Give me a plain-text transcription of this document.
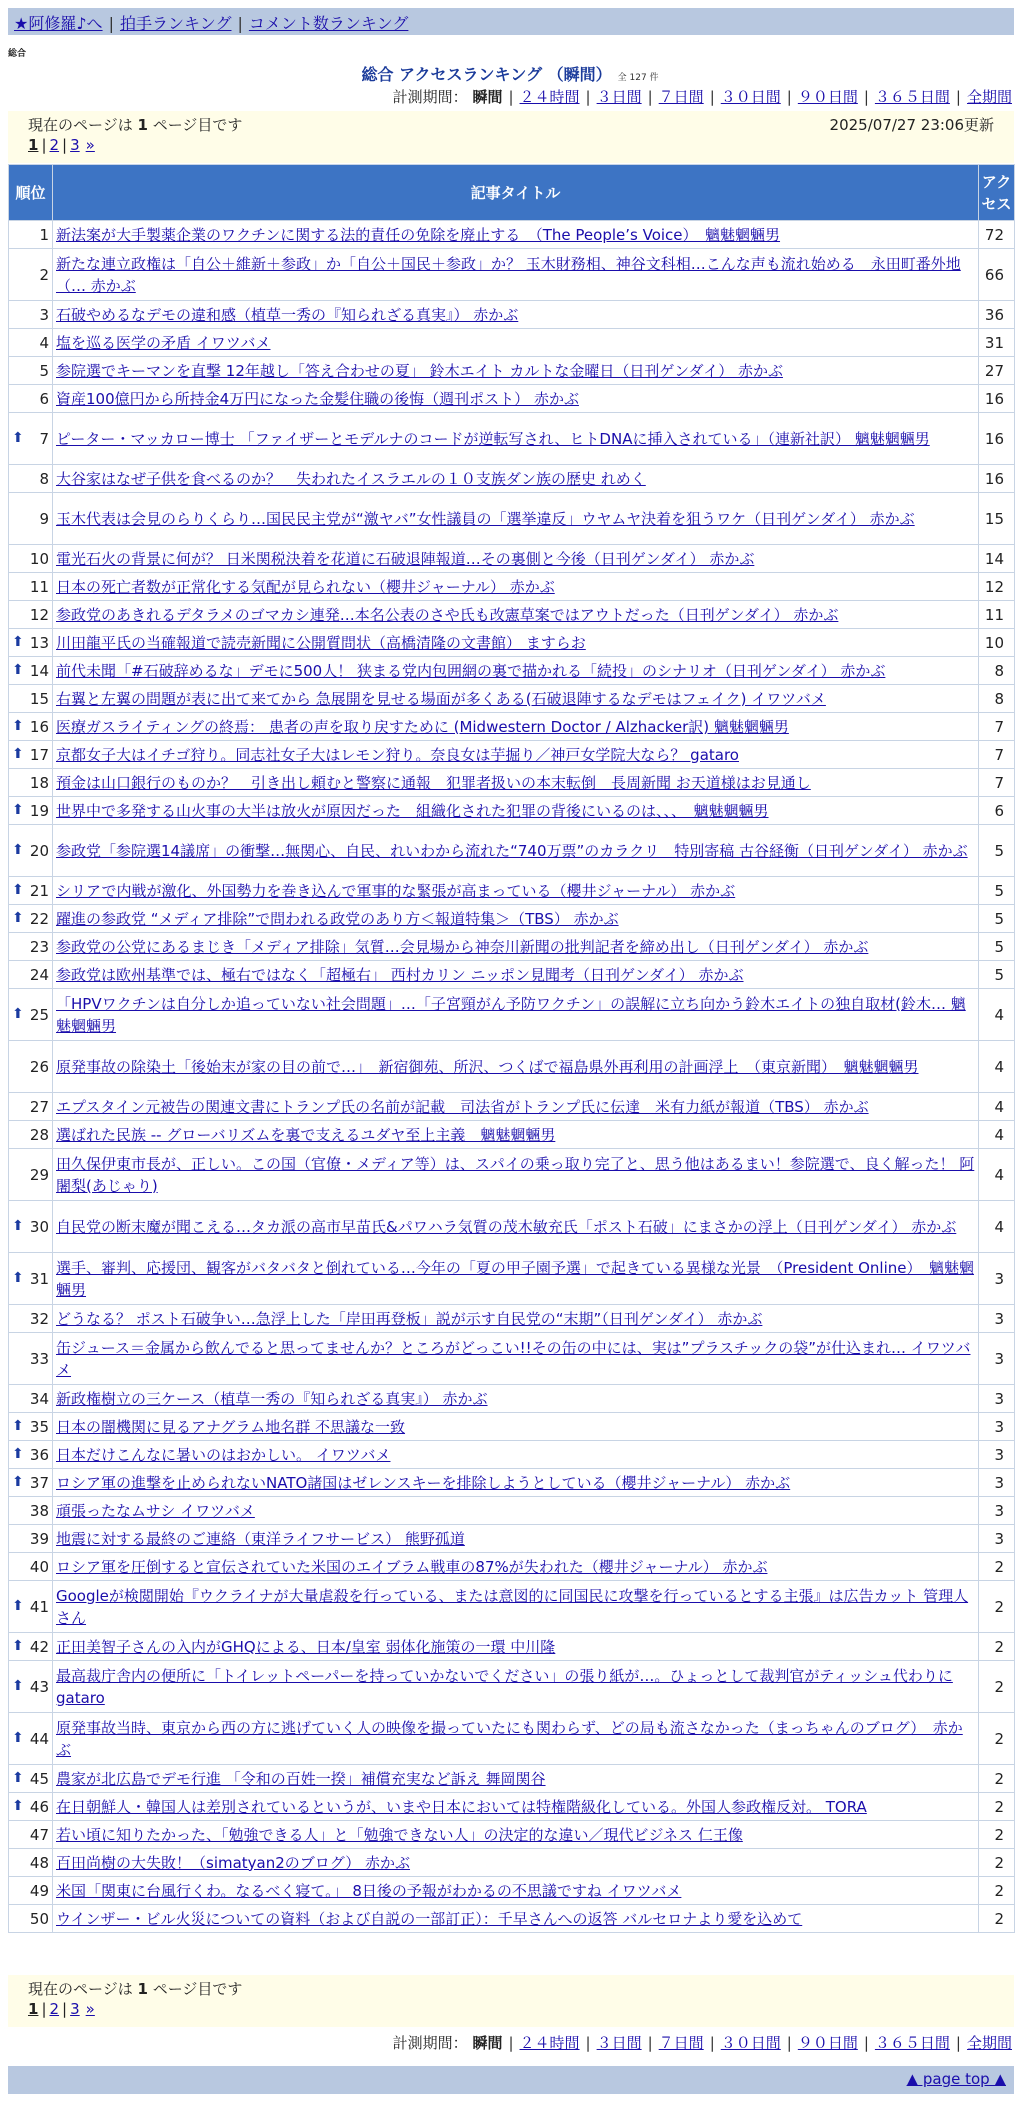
★阿修羅♪へ | 拍手ランキング | コメント数ランキング
総合
総合 アクセスランキング （瞬間） 全 127 件
計測期間： 瞬間 | ２４時間 | ３日間 | ７日間 | ３０日間 | ９０日間 | ３６５日間 | 全期間
現在のページは 1 ページ目です	2025/07/27 23:06更新
1 | 2 | 3 »
順位	記事タイトル	アクセス
1	新法案が大手製薬企業のワクチンに関する法的責任の免除を廃止する　（The People’s Voice）　魑魅魍魎男	72
2	新たな連立政権は「自公＋維新＋参政」か「自公＋国民＋参政」か？ 玉木財務相、神谷文科相…こんな声も流れ始める　永田町番外地（… 赤かぶ	66
3	石破やめるなデモの違和感（植草一秀の『知られざる真実』） 赤かぶ	36
4	塩を巡る医学の矛盾 イワツバメ	31
5	参院選でキーマンを直撃 12年越し「答え合わせの夏」 鈴木エイト カルトな金曜日（日刊ゲンダイ） 赤かぶ	27
6	資産100億円から所持金4万円になった金髪住職の後悔（週刊ポスト） 赤かぶ	16

⬆ 7	ピーター・マッカロー博士 「ファイザーとモデルナのコードが逆転写され、ヒトDNAに挿入されている」（連新社訳） 魑魅魍魎男	16
8	大谷家はなぜ子供を食べるのか？　失われたイスラエルの１０支族ダン族の歴史 れめく	16
9	玉木代表は会見のらりくらり…国民民主党が“激ヤバ”女性議員の「選挙違反」ウヤムヤ決着を狙うワケ（日刊ゲンダイ） 赤かぶ	15
10	電光石火の背景に何が？ 日米関税決着を花道に石破退陣報道…その裏側と今後（日刊ゲンダイ） 赤かぶ	14
11	日本の死亡者数が正常化する気配が見られない（櫻井ジャーナル） 赤かぶ	12
12	参政党のあきれるデタラメのゴマカシ連発…本名公表のさや氏も改憲草案ではアウトだった（日刊ゲンダイ） 赤かぶ	11

⬆ 13	川田龍平氏の当確報道で読売新聞に公開質問状（高橋清隆の文書館） ますらお	10

⬆ 14	前代未聞「#石破辞めるな」デモに500人！ 狭まる党内包囲網の裏で描かれる「続投」のシナリオ（日刊ゲンダイ） 赤かぶ	8
15	右翼と左翼の問題が表に出て来てから 急展開を見せる場面が多くある(石破退陣するなデモはフェイク) イワツバメ	8

⬆ 16	医療ガスライティングの終焉： 患者の声を取り戻すために (Midwestern Doctor / Alzhacker訳) 魑魅魍魎男	7

⬆ 17	京都女子大はイチゴ狩り。同志社女子大はレモン狩り。奈良女は芋掘り／神戸女学院大なら？ gataro	7
18	預金は山口銀行のものか？　引き出し頼むと警察に通報　犯罪者扱いの本末転倒　長周新聞 お天道様はお見通し	7

⬆ 19	世界中で多発する山火事の大半は放火が原因だった　組織化された犯罪の背後にいるのは、、、　魑魅魍魎男	6

⬆ 20	参政党「参院選14議席」の衝撃…無関心、自民、れいわから流れた“740万票”のカラクリ　特別寄稿 古谷経衡（日刊ゲンダイ） 赤かぶ	5

⬆ 21	シリアで内戦が激化、外国勢力を巻き込んで軍事的な緊張が高まっている（櫻井ジャーナル） 赤かぶ	5

⬆ 22	躍進の参政党 “メディア排除”で問われる政党のあり方＜報道特集＞（TBS） 赤かぶ	5
23	参政党の公党にあるまじき「メディア排除」気質…会見場から神奈川新聞の批判記者を締め出し（日刊ゲンダイ） 赤かぶ	5
24	参政党は欧州基準では、極右ではなく「超極右」 西村カリン ニッポン見聞考（日刊ゲンダイ） 赤かぶ	5

⬆ 25	「HPVワクチンは自分しか追っていない社会問題」…「子宮頸がん予防ワクチン」の誤解に立ち向かう鈴木エイトの独自取材(鈴木… 魑魅魍魎男	4
26	原発事故の除染土「後始末が家の目の前で…」　新宿御苑、所沢、つくばで福島県外再利用の計画浮上　（東京新聞）　魑魅魍魎男	4
27	エプスタイン元被告の関連文書にトランプ氏の名前が記載　司法省がトランプ氏に伝達　米有力紙が報道（TBS） 赤かぶ	4
28	選ばれた民族 -- グローバリズムを裏で支えるユダヤ至上主義　魑魅魍魎男	4
29	田久保伊東市長が、正しい。この国（官僚・メディア等）は、スパイの乗っ取り完了と、思う他はあるまい！参院選で、良く解った！ 阿闍梨(あじゃり)	4

⬆ 30	自民党の断末魔が聞こえる…タカ派の高市早苗氏&パワハラ気質の茂木敏充氏「ポスト石破」にまさかの浮上（日刊ゲンダイ） 赤かぶ	4

⬆ 31	選手、審判、応援団、観客がバタバタと倒れている…今年の「夏の甲子園予選」で起きている異様な光景　（President Online）　魑魅魍魎男	3
32	どうなる？ ポスト石破争い…急浮上した「岸田再登板」説が示す自民党の“末期”（日刊ゲンダイ） 赤かぶ	3
33	缶ジュース＝金属から飲んでると思ってませんか？ところがどっこい!!その缶の中には、実は”プラスチックの袋”が仕込まれ… イワツバメ	3
34	新政権樹立の三ケース（植草一秀の『知られざる真実』） 赤かぶ	3

⬆ 35	日本の闇機関に見るアナグラム地名群 不思議な一致	3

⬆ 36	日本だけこんなに暑いのはおかしい。 イワツバメ	3

⬆ 37	ロシア軍の進撃を止められないNATO諸国はゼレンスキーを排除しようとしている（櫻井ジャーナル） 赤かぶ	3
38	頑張ったなムサシ イワツバメ	3
39	地震に対する最終のご連絡（東洋ライフサービス） 熊野孤道	3
40	ロシア軍を圧倒すると宣伝されていた米国のエイブラム戦車の87%が失われた（櫻井ジャーナル） 赤かぶ	2

⬆ 41	Googleが検閲開始『ウクライナが大量虐殺を行っている、または意図的に同国民に攻撃を行っているとする主張』は広告カット 管理人さん	2

⬆ 42	正田美智子さんの入内がGHQによる、日本/皇室 弱体化施策の一環 中川隆	2

⬆ 43	最高裁庁舎内の便所に「トイレットペーパーを持っていかないでください」の張り紙が…。ひょっとして裁判官がティッシュ代わりに gataro	2

⬆ 44	原発事故当時、東京から西の方に逃げていく人の映像を撮っていたにも関わらず、どの局も流さなかった（まっちゃんのブログ）　赤かぶ	2

⬆ 45	農家が北広島でデモ行進 「令和の百姓一揆」補償充実など訴え 舞岡関谷	2

⬆ 46	在日朝鮮人・韓国人は差別されているというが、いまや日本においては特権階級化している。外国人参政権反対。 TORA	2
47	若い頃に知りたかった、「勉強できる人」と「勉強できない人」の決定的な違い／現代ビジネス 仁王像	2
48	百田尚樹の大失敗！（simatyan2のブログ） 赤かぶ	2
49	米国「関東に台風行くわ。なるべく寝て。」 8日後の予報がわかるの不思議ですね イワツバメ	2
50	ウインザー・ビル火災についての資料（および自説の一部訂正）：千早さんへの返答 バルセロナより愛を込めて	2
現在のページは 1 ページ目です
1 | 2 | 3 »
計測期間： 瞬間 | ２４時間 | ３日間 | ７日間 | ３０日間 | ９０日間 | ３６５日間 | 全期間
▲ page top ▲
